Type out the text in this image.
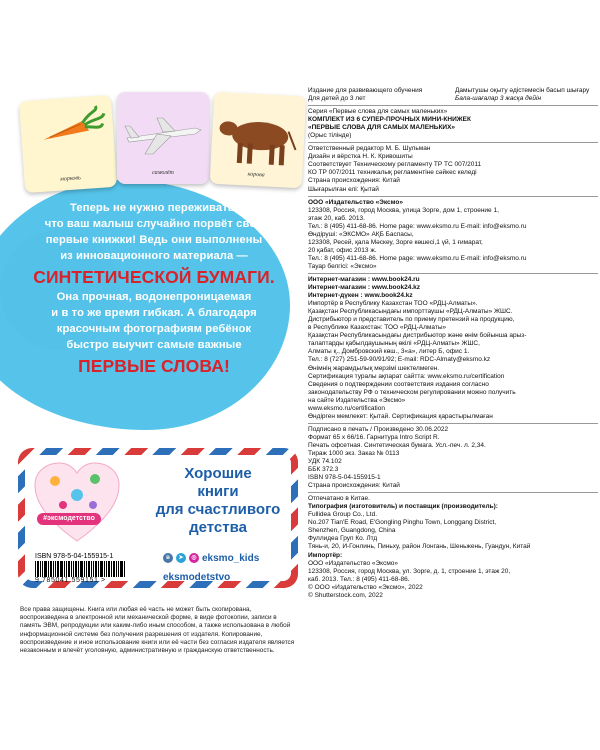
морковь
самолёт	корова
Теперь не нужно переживать,
что ваш малыш случайно порвёт свои
первые книжки! Ведь они выполнены
из инновационного материала —
СИНТЕТИЧЕСКОЙ БУМАГИ.
Она прочная, водонепроницаемая
и в то же время гибкая. А благодаря
красочным фотографиям ребёнок
быстро выучит самые важные
ПЕРВЫЕ СЛОВА!
#эксмодетство
Хорошие
книги
для счастливого
детства
ISBN 978-5-04-155915-1
9 785041 559151 >
в	➤	◎ eksmo_kids
eksmodetstvo
Все права защищены. Книга или любая её часть не может быть скопирована, воспроизведена в электронной или механической форме, в виде фотокопии, записи в память ЭВМ, репродукции или каким-либо иным способом, а также использована в любой информационной системе без получения разрешения от издателя. Копирование, воспроизведение и иное использование книги или её части без согласия издателя является незаконным и влечёт уголовную, административную и гражданскую ответственность.

Издание для развивающего обучения

Для детей до 3 лет

Дамытушы оқыту әдістемесін басып шығару

Бала-шағалар 3 жасқа дейін

Серия «Первые слова для самых маленьких»

КОМПЛЕКТ ИЗ 6 СУПЕР-ПРОЧНЫХ МИНИ-КНИЖЕК

«ПЕРВЫЕ СЛОВА ДЛЯ САМЫХ МАЛЕНЬКИХ»

(Орыс тілінде)

Ответственный редактор М. Б. Шульман

Дизайн и вёрстка Н. К. Кривошиты

Соответствует Техническому регламенту ТР ТС 007/2011

КО ТР 007/2011 техникалық регламентіне сәйкес келеді

Страна происхождения: Китай

Шығарылған елі: Қытай

ООО «Издательство «Эксмо»

123308, Россия, город Москва, улица Зорге, дом 1, строение 1,

этаж 20, каб. 2013.

Тел.: 8 (495) 411-68-86. Home page: www.eksmo.ru E-mail: info@eksmo.ru

Өндіруші: «ЭКСМО» АҚБ Баспасы,

123308, Ресей, қала Мәскеу, Зорге көшесі,1 үй, 1 ғимарат,

20 қабат, офис 2013 ж.

Тел.: 8 (495) 411-68-86. Home page: www.eksmo.ru E-mail: info@eksmo.ru

Тауар белгісі: «Эксмо»

Интернет-магазин : www.book24.ru

Интернет-магазин : www.book24.kz

Интернет-дүкен : www.book24.kz

Импортёр в Республику Казахстан ТОО «РДЦ-Алматы».

Қазақстан Республикасындағы импорттаушы «РДЦ-Алматы» ЖШС.

Дистрибьютор и представитель по приему претензий на продукцию,

в Республике Казахстан: ТОО «РДЦ-Алматы»

Қазақстан Республикасындағы дистрибьютор және өнім бойынша арыз-

талаптарды қабылдаушының өкілі «РДЦ-Алматы» ЖШС,

Алматы қ., Домбровский көш., 3«а», литер Б, офис 1.

Тел.: 8 (727) 251-59-90/91/92; E-mail: RDC-Almaty@eksmo.kz

Өнімнің жарамдылық мерзімі шектелмеген.

Сертификация туралы ақпарат сайтта: www.eksmo.ru/certification

Сведения о подтверждении соответствия издания согласно

законодательству РФ о техническом регулировании можно получить

на сайте Издательства «Эксмо»

www.eksmo.ru/certification

Өндірген мемлекет: Қытай. Сертификация қарастырылмаған

Подписано в печать / Произведено 30.06.2022

Формат 65 x 66/16. Гарнитура Intro Script R.

Печать офсетная. Синтетическая бумага. Усл.-печ. л. 2,34.

Тираж 1000 экз. Заказ № 0113

УДК 74.102

ББК 372.3

ISBN 978-5-04-155915-1

Страна происхождения: Китай

Отпечатано в Китае.

Типография (изготовитель) и поставщик (производитель):

Fullidea Group Co., Ltd.

No.207 Tian'E Road, E'Gongling Pinghu Town, Longgang District,

Shenzhen, Guangdong, China

Фуллидеа Груп Ко. Лтд

Тянь-и, 20, И-Гонлинь, Пиньху, район Лонгань, Шеньжень, Гуандун, Китай

Импортёр:

ООО «Издательство «Эксмо»

123308, Россия, город Москва, ул. Зорге, д. 1, строение 1, этаж 20,

каб. 2013. Тел.: 8 (495) 411-68-86.

© ООО «Издательство «Эксмо», 2022

© Shutterstock.com, 2022
